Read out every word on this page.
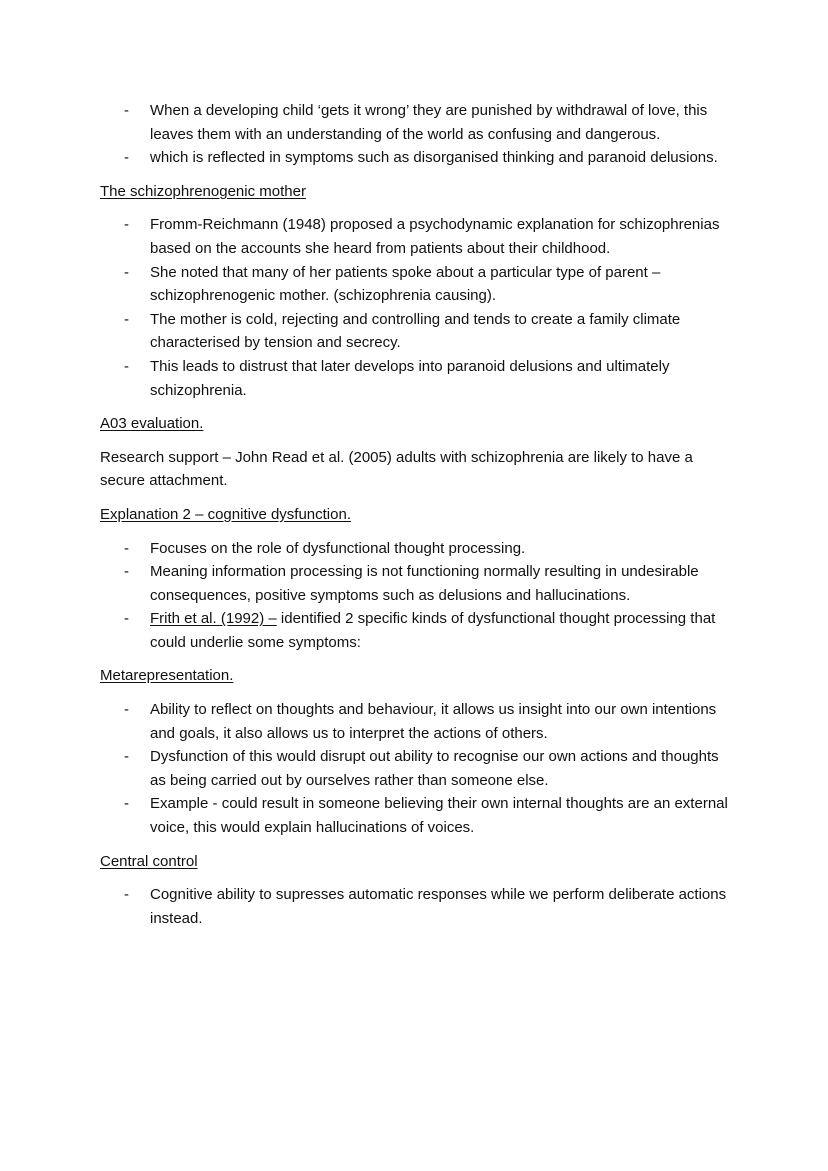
- When a developing child ‘gets it wrong’ they are punished by withdrawal of love, this leaves them with an understanding of the world as confusing and dangerous.
- which is reflected in symptoms such as disorganised thinking and paranoid delusions.

The schizophrenogenic mother

- Fromm-Reichmann (1948) proposed a psychodynamic explanation for schizophrenias based on the accounts she heard from patients about their childhood.
- She noted that many of her patients spoke about a particular type of parent – schizophrenogenic mother. (schizophrenia causing).
- The mother is cold, rejecting and controlling and tends to create a family climate characterised by tension and secrecy.
- This leads to distrust that later develops into paranoid delusions and ultimately schizophrenia.

A03 evaluation.

Research support – John Read et al. (2005) adults with schizophrenia are likely to have a secure attachment.

Explanation 2 – cognitive dysfunction.

- Focuses on the role of dysfunctional thought processing.
- Meaning information processing is not functioning normally resulting in undesirable consequences, positive symptoms such as delusions and hallucinations.
- Frith et al. (1992) – identified 2 specific kinds of dysfunctional thought processing that could underlie some symptoms:

Metarepresentation.

- Ability to reflect on thoughts and behaviour, it allows us insight into our own intentions and goals, it also allows us to interpret the actions of others.
- Dysfunction of this would disrupt out ability to recognise our own actions and thoughts as being carried out by ourselves rather than someone else.
- Example - could result in someone believing their own internal thoughts are an external voice, this would explain hallucinations of voices.

Central control

- Cognitive ability to supresses automatic responses while we perform deliberate actions instead.
